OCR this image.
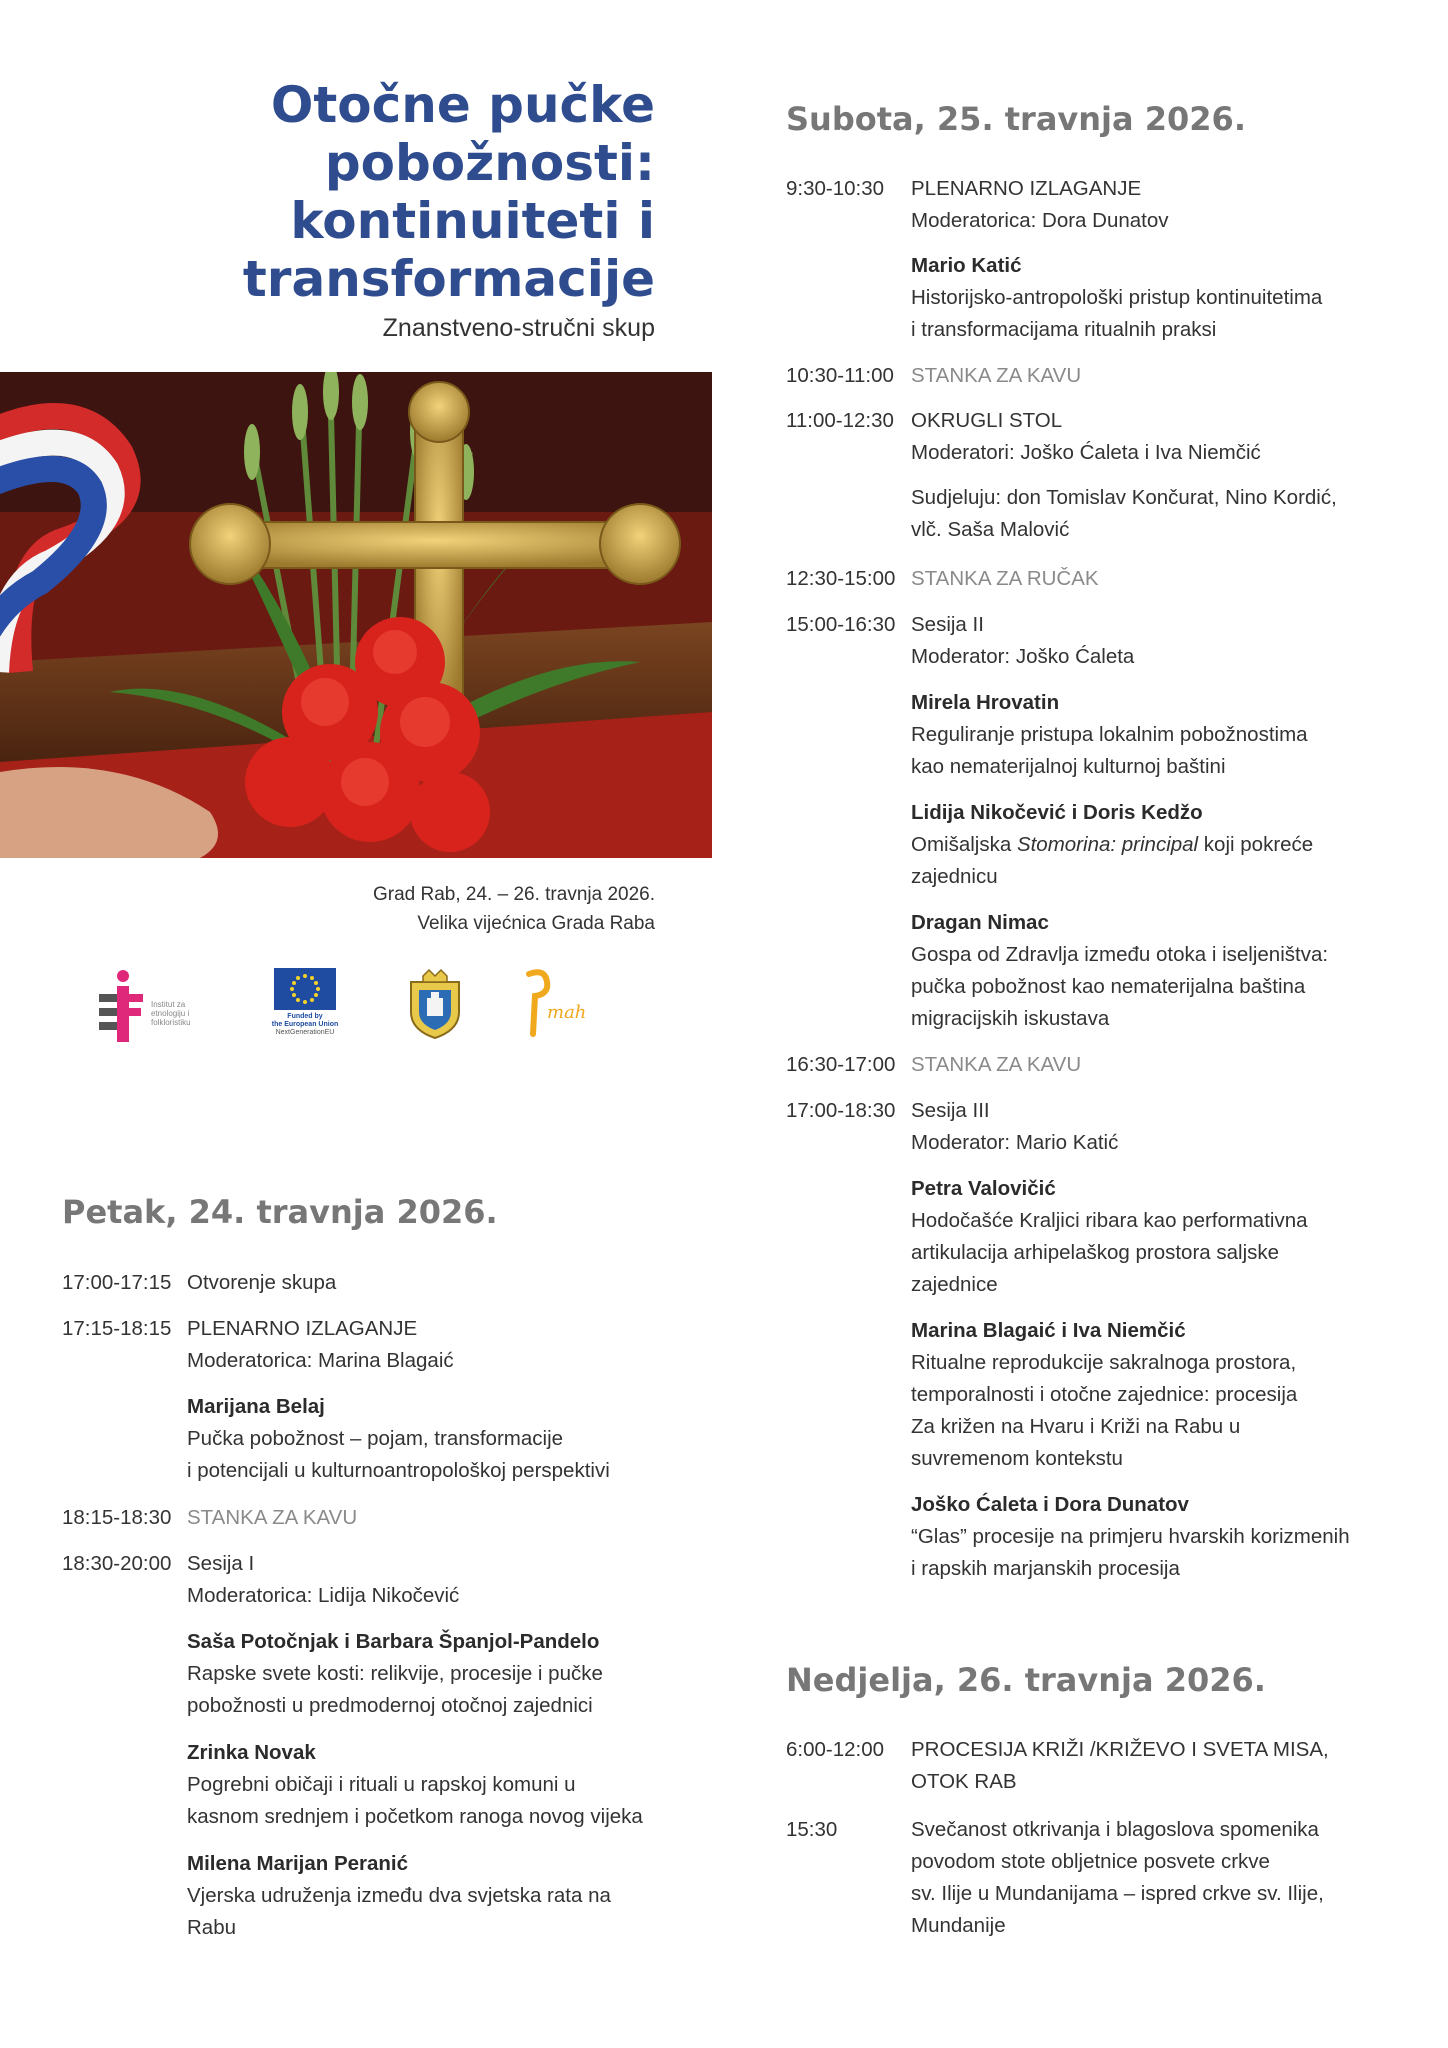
Otočne pučke
pobožnosti:
kontinuiteti i
transformacije
Znanstveno-stručni skup
Grad Rab, 24. – 26. travnja 2026.
Velika vijećnica Grada Raba
Institut za etnologiju i folkloristiku
Funded by
the European Union
NextGenerationEU
mah
Petak, 24. travnja 2026.
17:00-17:15 Otvorenje skupa
17:15-18:15 PLENARNO IZLAGANJE
Moderatorica: Marina Blagaić
Marijana Belaj
Pučka pobožnost – pojam, transformacije
i potencijali u kulturnoantropološkoj perspektivi
18:15-18:30 STANKA ZA KAVU
18:30-20:00 Sesija I
Moderatorica: Lidija Nikočević
Saša Potočnjak i Barbara Španjol-Pandelo
Rapske svete kosti: relikvije, procesije i pučke
pobožnosti u predmodernoj otočnoj zajednici
Zrinka Novak
Pogrebni običaji i rituali u rapskoj komuni u
kasnom srednjem i početkom ranoga novog vijeka
Milena Marijan Peranić
Vjerska udruženja između dva svjetska rata na
Rabu
Subota, 25. travnja 2026.
9:30-10:30 PLENARNO IZLAGANJE
Moderatorica: Dora Dunatov
Mario Katić
Historijsko-antropološki pristup kontinuitetima
i transformacijama ritualnih praksi
10:30-11:00 STANKA ZA KAVU
11:00-12:30 OKRUGLI STOL
Moderatori: Joško Ćaleta i Iva Niemčić
Sudjeluju: don Tomislav Končurat, Nino Kordić,
vlč. Saša Malović
12:30-15:00 STANKA ZA RUČAK
15:00-16:30 Sesija II
Moderator: Joško Ćaleta
Mirela Hrovatin
Reguliranje pristupa lokalnim pobožnostima
kao nematerijalnoj kulturnoj baštini
Lidija Nikočević i Doris Kedžo
Omišaljska Stomorina: principal koji pokreće
zajednicu
Dragan Nimac
Gospa od Zdravlja između otoka i iseljeništva:
pučka pobožnost kao nematerijalna baština
migracijskih iskustava
16:30-17:00 STANKA ZA KAVU
17:00-18:30 Sesija III
Moderator: Mario Katić
Petra Valovičić
Hodočašće Kraljici ribara kao performativna
artikulacija arhipelaškog prostora saljske
zajednice
Marina Blagaić i Iva Niemčić
Ritualne reprodukcije sakralnoga prostora,
temporalnosti i otočne zajednice: procesija
Za križen na Hvaru i Križi na Rabu u
suvremenom kontekstu
Joško Ćaleta i Dora Dunatov
“Glas” procesije na primjeru hvarskih korizmenih
i rapskih marjanskih procesija
Nedjelja, 26. travnja 2026.
6:00-12:00 PROCESIJA KRIŽI /KRIŽEVO I SVETA MISA,
OTOK RAB
15:30	Svečanost otkrivanja i blagoslova spomenika
povodom stote obljetnice posvete crkve
sv. Ilije u Mundanijama – ispred crkve sv. Ilije,
Mundanije
